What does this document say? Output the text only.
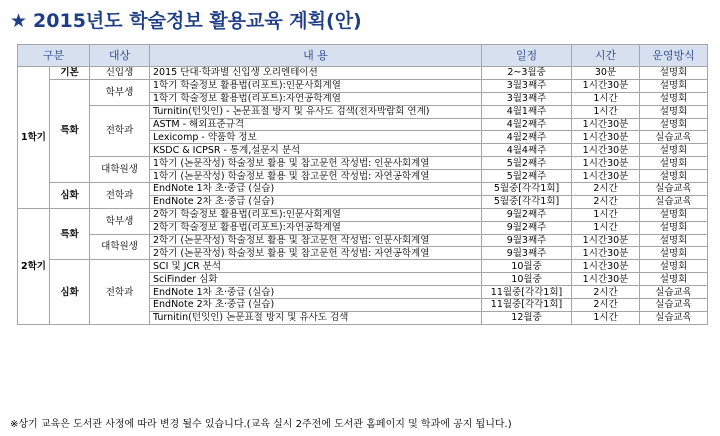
★ 2015년도 학술정보 활용교육 계획(안)
구분		대상	내 용	일정	시간	운영방식
1학기	기본	신입생	2015 단대·학과별 신입생 오리엔테이션	2~3월중	30분	설명회
	특화	학부생	1학기 학술정보 활용법(리포트):인문사회계열	3월3째주	1시간30분	설명회
			1학기 학술정보 활용법(리포트):자연공학계열	3월3째주	1시간	설명회
		전학과	Turnitin(턴잇인) - 논문표절 방지 및 유사도 검색(전자박람회 연계)	4월1째주	1시간	설명회
			ASTM - 해외표준규격	4월2째주	1시간30분	설명회
			Lexicomp - 약품학 정보	4월2째주	1시간30분	실습교육
			KSDC & ICPSR - 통계,설문지 분석	4월4째주	1시간30분	설명회
		대학원생	1학기 (논문작성) 학술정보 활용 및 참고문헌 작성법: 인문사회계열	5월2째주	1시간30분	설명회
			1학기 (논문작성) 학술정보 활용 및 참고문헌 작성법: 자연공학계열	5월2째주	1시간30분	설명회
	심화	전학과	EndNote 1차 초·중급 (실습)	5월중[각각1회]	2시간	실습교육
			EndNote 2차 초·중급 (실습)	5월중[각각1회]	2시간	실습교육
2학기	특화	학부생	2학기 학술정보 활용법(리포트):인문사회계열	9월2째주	1시간	설명회
			2학기 학술정보 활용법(리포트):자연공학계열	9월2째주	1시간	설명회
		대학원생	2학기 (논문작성) 학술정보 활용 및 참고문헌 작성법: 인문사회계열	9월3째주	1시간30분	설명회
			2학기 (논문작성) 학술정보 활용 및 참고문헌 작성법: 자연공학계열	9월3째주	1시간30분	설명회
	심화	전학과	SCI 및 JCR 분석	10월중	1시간30분	설명회
			SciFinder 심화	10월중	1시간30분	설명회
			EndNote 1차 초·중급 (실습)	11월중[각각1회]	2시간	실습교육
			EndNote 2차 초·중급 (실습)	11월중[각각1회]	2시간	실습교육
			Turnitin(턴잇인) 논문표절 방지 및 유사도 검색	12월중	1시간	실습교육
※상기 교육은 도서관 사정에 따라 변경 될수 있습니다.(교육 실시 2주전에 도서관 홈페이지 및 학과에 공지 됩니다.)
